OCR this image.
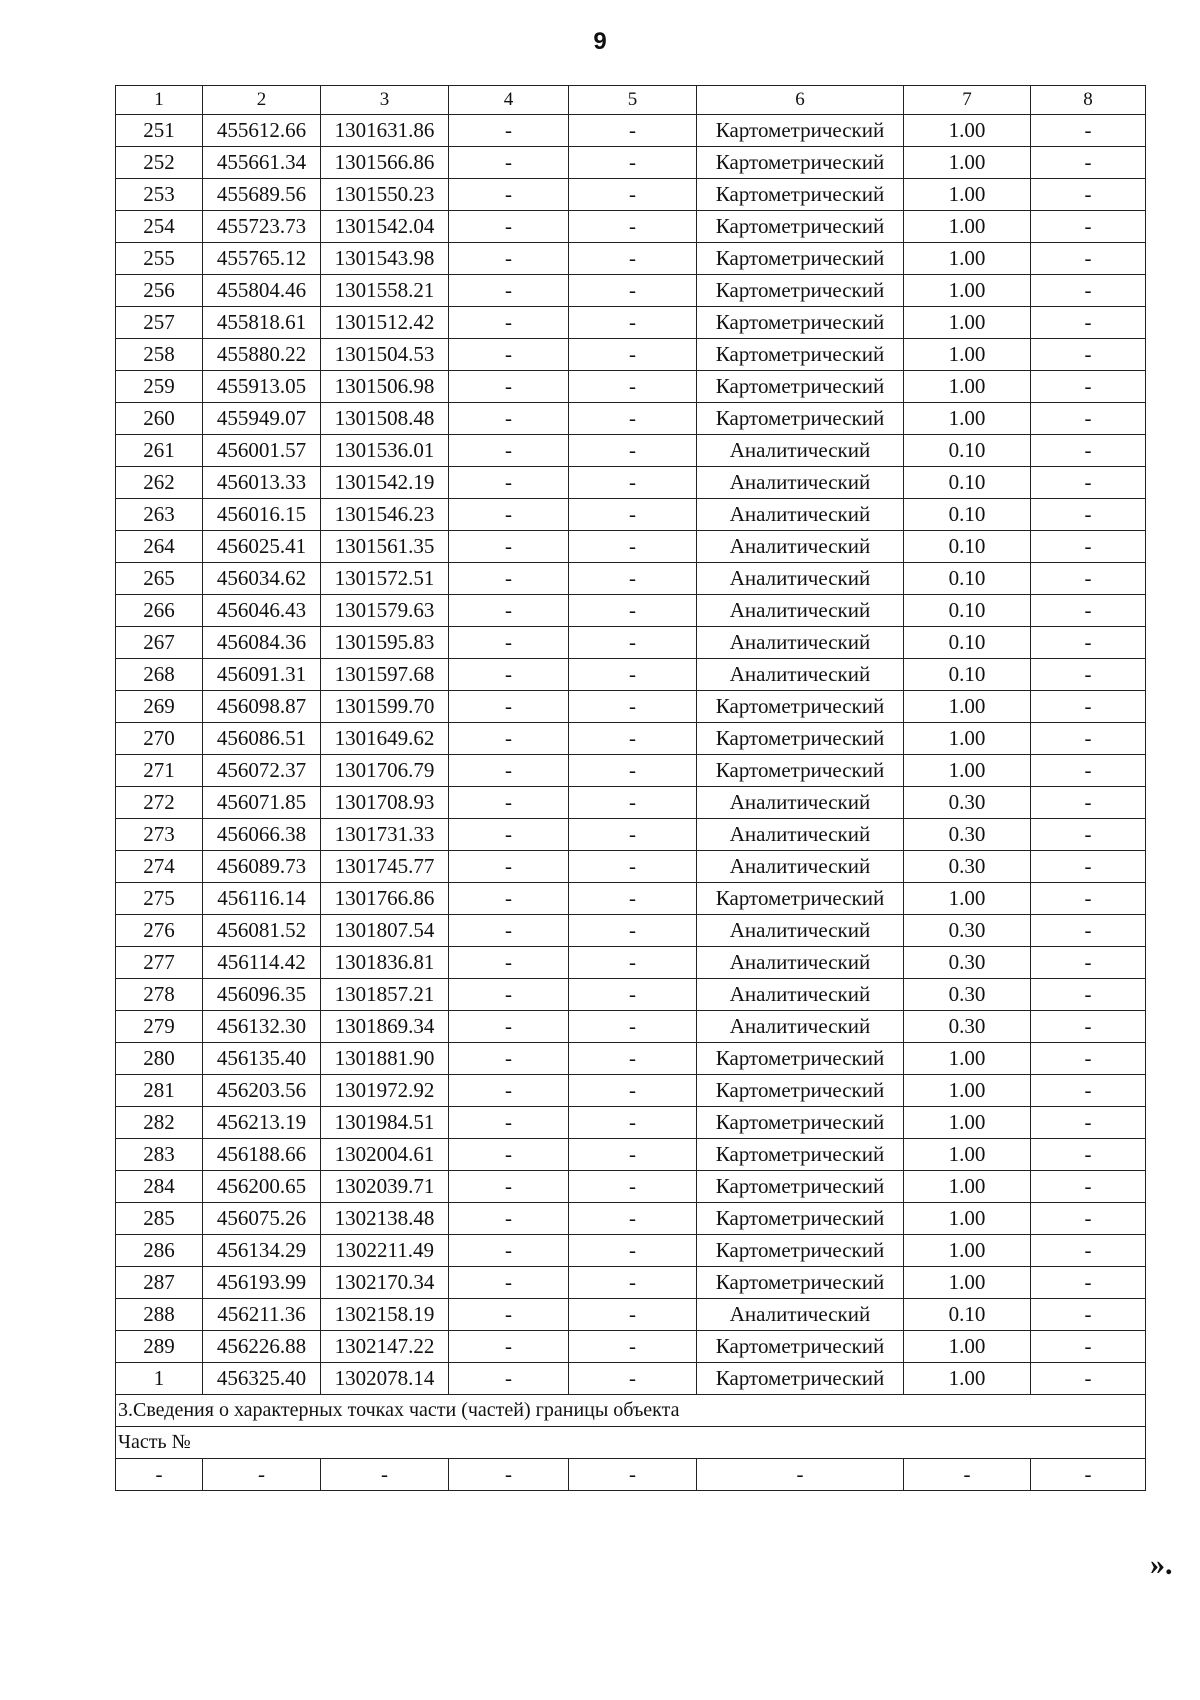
9
1	2	3	4	5	6	7	8
251	455612.66	1301631.86	-	-	Картометрический	1.00	-
252	455661.34	1301566.86	-	-	Картометрический	1.00	-
253	455689.56	1301550.23	-	-	Картометрический	1.00	-
254	455723.73	1301542.04	-	-	Картометрический	1.00	-
255	455765.12	1301543.98	-	-	Картометрический	1.00	-
256	455804.46	1301558.21	-	-	Картометрический	1.00	-
257	455818.61	1301512.42	-	-	Картометрический	1.00	-
258	455880.22	1301504.53	-	-	Картометрический	1.00	-
259	455913.05	1301506.98	-	-	Картометрический	1.00	-
260	455949.07	1301508.48	-	-	Картометрический	1.00	-
261	456001.57	1301536.01	-	-	Аналитический	0.10	-
262	456013.33	1301542.19	-	-	Аналитический	0.10	-
263	456016.15	1301546.23	-	-	Аналитический	0.10	-
264	456025.41	1301561.35	-	-	Аналитический	0.10	-
265	456034.62	1301572.51	-	-	Аналитический	0.10	-
266	456046.43	1301579.63	-	-	Аналитический	0.10	-
267	456084.36	1301595.83	-	-	Аналитический	0.10	-
268	456091.31	1301597.68	-	-	Аналитический	0.10	-
269	456098.87	1301599.70	-	-	Картометрический	1.00	-
270	456086.51	1301649.62	-	-	Картометрический	1.00	-
271	456072.37	1301706.79	-	-	Картометрический	1.00	-
272	456071.85	1301708.93	-	-	Аналитический	0.30	-
273	456066.38	1301731.33	-	-	Аналитический	0.30	-
274	456089.73	1301745.77	-	-	Аналитический	0.30	-
275	456116.14	1301766.86	-	-	Картометрический	1.00	-
276	456081.52	1301807.54	-	-	Аналитический	0.30	-
277	456114.42	1301836.81	-	-	Аналитический	0.30	-
278	456096.35	1301857.21	-	-	Аналитический	0.30	-
279	456132.30	1301869.34	-	-	Аналитический	0.30	-
280	456135.40	1301881.90	-	-	Картометрический	1.00	-
281	456203.56	1301972.92	-	-	Картометрический	1.00	-
282	456213.19	1301984.51	-	-	Картометрический	1.00	-
283	456188.66	1302004.61	-	-	Картометрический	1.00	-
284	456200.65	1302039.71	-	-	Картометрический	1.00	-
285	456075.26	1302138.48	-	-	Картометрический	1.00	-
286	456134.29	1302211.49	-	-	Картометрический	1.00	-
287	456193.99	1302170.34	-	-	Картометрический	1.00	-
288	456211.36	1302158.19	-	-	Аналитический	0.10	-
289	456226.88	1302147.22	-	-	Картометрический	1.00	-
1	456325.40	1302078.14	-	-	Картометрический	1.00	-
3.Сведения о характерных точках части (частей) границы объекта							
Часть №							
-	-	-	-	-	-	-	-
».
